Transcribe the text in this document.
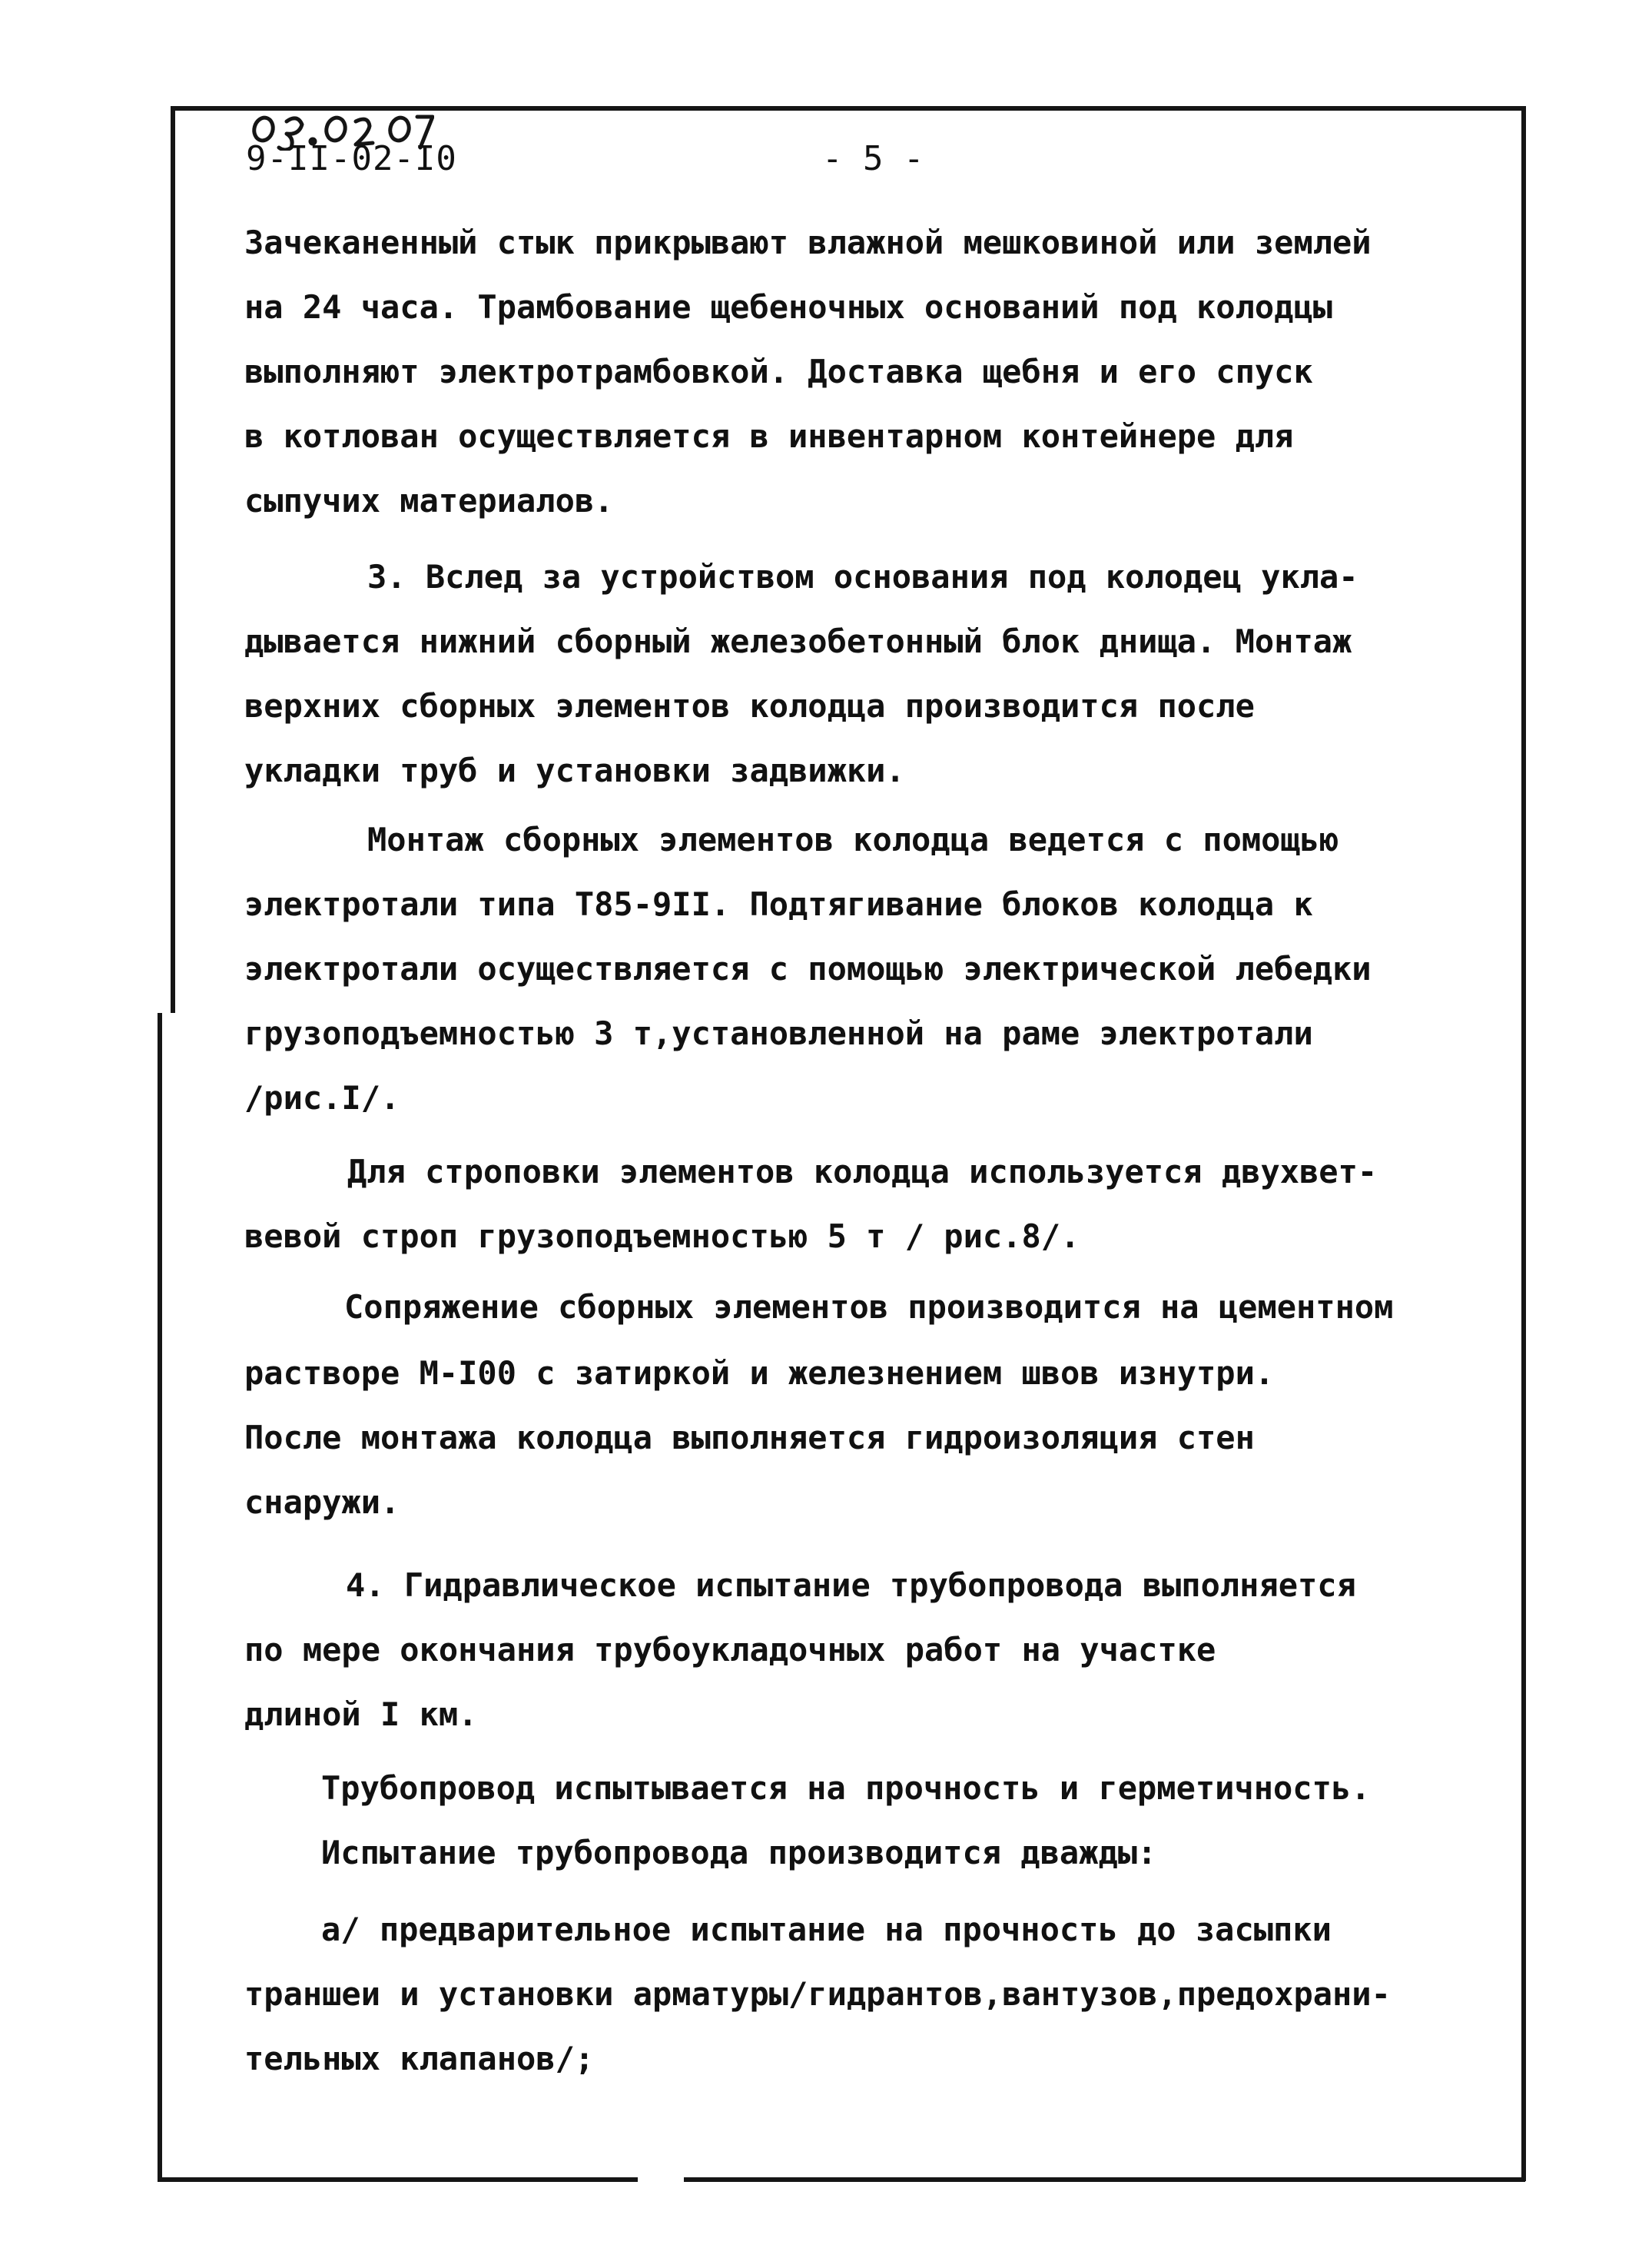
9-II-02-I0	- 5 -
Зачеканенный стык прикрывают влажной мешковиной или землей
на 24 часа. Трамбование щебеночных оснований под колодцы
выполняют электротрамбовкой. Доставка щебня и его спуск
в котлован осуществляется в инвентарном контейнере для
сыпучих материалов.
3. Вслед за устройством основания под колодец укла-
дывается нижний сборный железобетонный блок днища. Монтаж
верхних сборных элементов колодца производится после
укладки труб и установки задвижки.
Монтаж сборных элементов колодца ведется с помощью
электротали типа Т85-9II. Подтягивание блоков колодца к
электротали осуществляется с помощью электрической лебедки
грузоподъемностью 3 т,установленной на раме электротали
/рис.I/.
Для строповки элементов колодца используется двухвет-
вевой строп грузоподъемностью 5 т / рис.8/.
Сопряжение сборных элементов производится на цементном
растворе М-I00 с затиркой и железнением швов изнутри.
После монтажа колодца выполняется гидроизоляция стен
снаружи.
4. Гидравлическое испытание трубопровода выполняется
по мере окончания трубоукладочных работ на участке
длиной I км.
Трубопровод испытывается на прочность и герметичность.
Испытание трубопровода производится дважды:
а/ предварительное испытание на прочность до засыпки
траншеи и установки арматуры/гидрантов,вантузов,предохрани-
тельных клапанов/;
